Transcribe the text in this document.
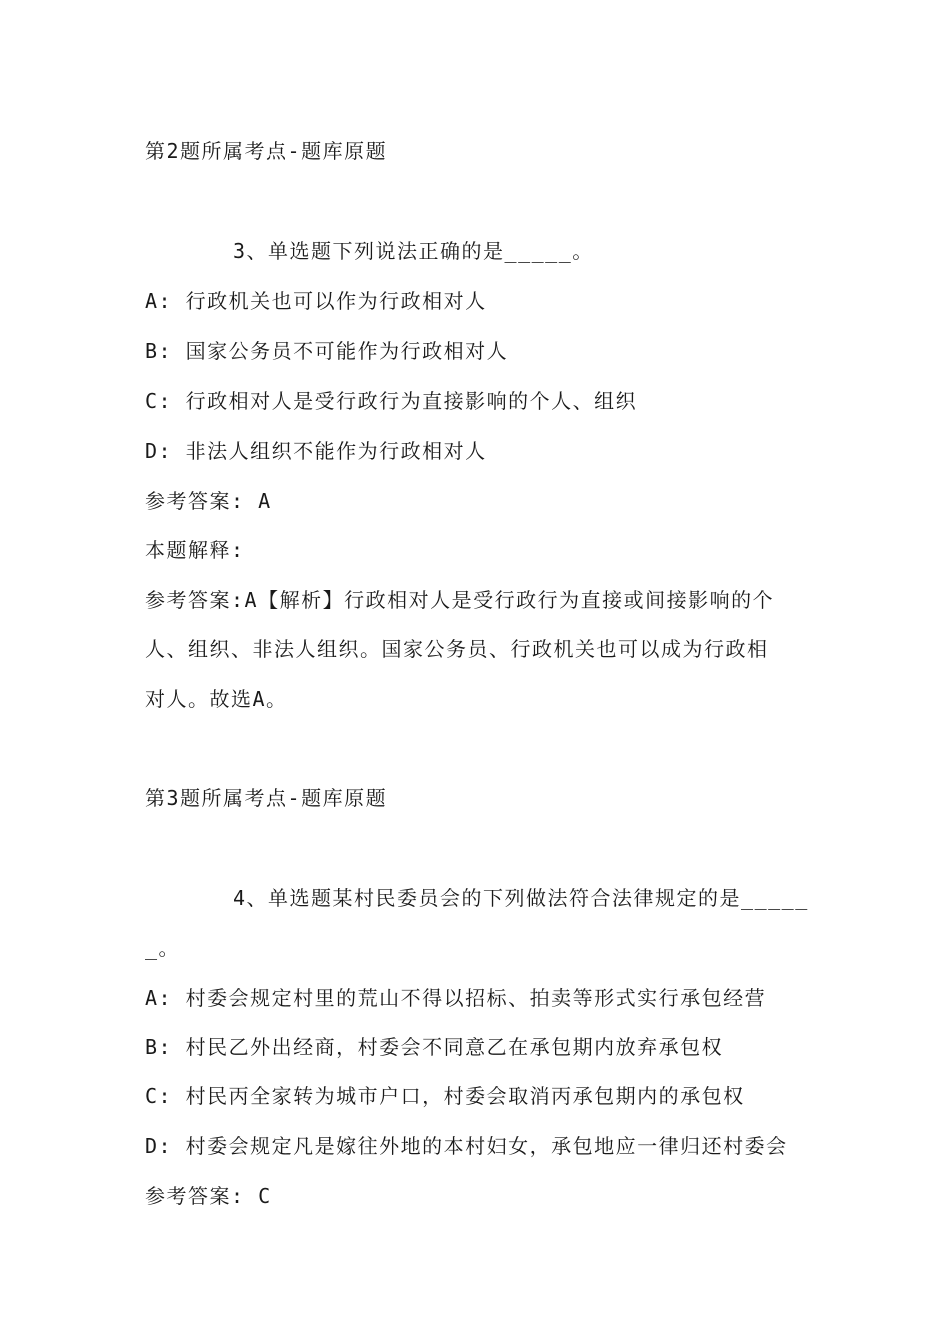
第2题所属考点-题库原题
3、单选题下列说法正确的是_____。
A: 行政机关也可以作为行政相对人
B: 国家公务员不可能作为行政相对人
C: 行政相对人是受行政行为直接影响的个人、组织
D: 非法人组织不能作为行政相对人
参考答案: A
本题解释:
参考答案:A【解析】行政相对人是受行政行为直接或间接影响的个
人、组织、非法人组织。国家公务员、行政机关也可以成为行政相
对人。故选A。
第3题所属考点-题库原题
4、单选题某村民委员会的下列做法符合法律规定的是_____
_。
A: 村委会规定村里的荒山不得以招标、拍卖等形式实行承包经营
B: 村民乙外出经商，村委会不同意乙在承包期内放弃承包权
C: 村民丙全家转为城市户口，村委会取消丙承包期内的承包权
D: 村委会规定凡是嫁往外地的本村妇女，承包地应一律归还村委会
参考答案: C
